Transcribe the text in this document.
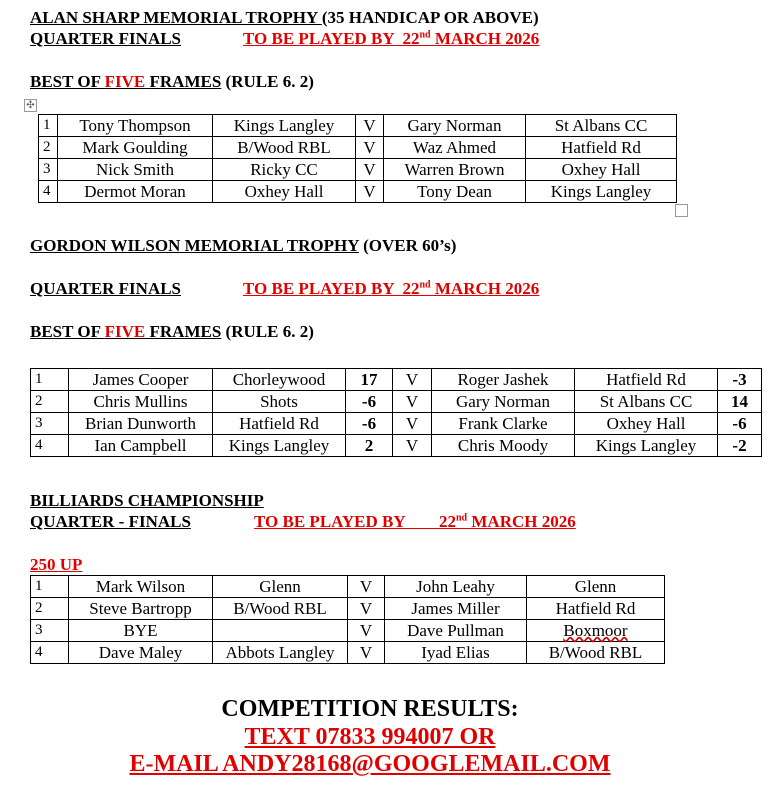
ALAN SHARP MEMORIAL TROPHY (35 HANDICAP OR ABOVE)
QUARTER FINALS	TO BE PLAYED BY  22nd MARCH 2026
BEST OF FIVE FRAMES (RULE 6. 2)
✣
1	Tony Thompson	Kings Langley	V	Gary Norman	St Albans CC
2	Mark Goulding	B/Wood RBL	V	Waz Ahmed	Hatfield Rd
3	Nick Smith	Ricky CC	V	Warren Brown	Oxhey Hall
4	Dermot Moran	Oxhey Hall	V	Tony Dean	Kings Langley
GORDON WILSON MEMORIAL TROPHY (OVER 60’s)
QUARTER FINALS	TO BE PLAYED BY  22nd MARCH 2026
BEST OF FIVE FRAMES (RULE 6. 2)
1	James Cooper	Chorleywood	17	V	Roger Jashek	Hatfield Rd	-3
2	Chris Mullins	Shots	-6	V	Gary Norman	St Albans CC	14
3	Brian Dunworth	Hatfield Rd	-6	V	Frank Clarke	Oxhey Hall	-6
4	Ian Campbell	Kings Langley	2	V	Chris Moody	Kings Langley	-2
BILLIARDS CHAMPIONSHIP
QUARTER - FINALS	TO BE PLAYED BY        22nd MARCH 2026
250 UP
1	Mark Wilson	Glenn	V	John Leahy	Glenn
2	Steve Bartropp	B/Wood RBL	V	James Miller	Hatfield Rd
3	BYE		V	Dave Pullman	Boxmoor
4	Dave Maley	Abbots Langley	V	Iyad Elias	B/Wood RBL
COMPETITION RESULTS:
TEXT 07833 994007 OR
E-MAIL ANDY28168@GOOGLEMAIL.COM
